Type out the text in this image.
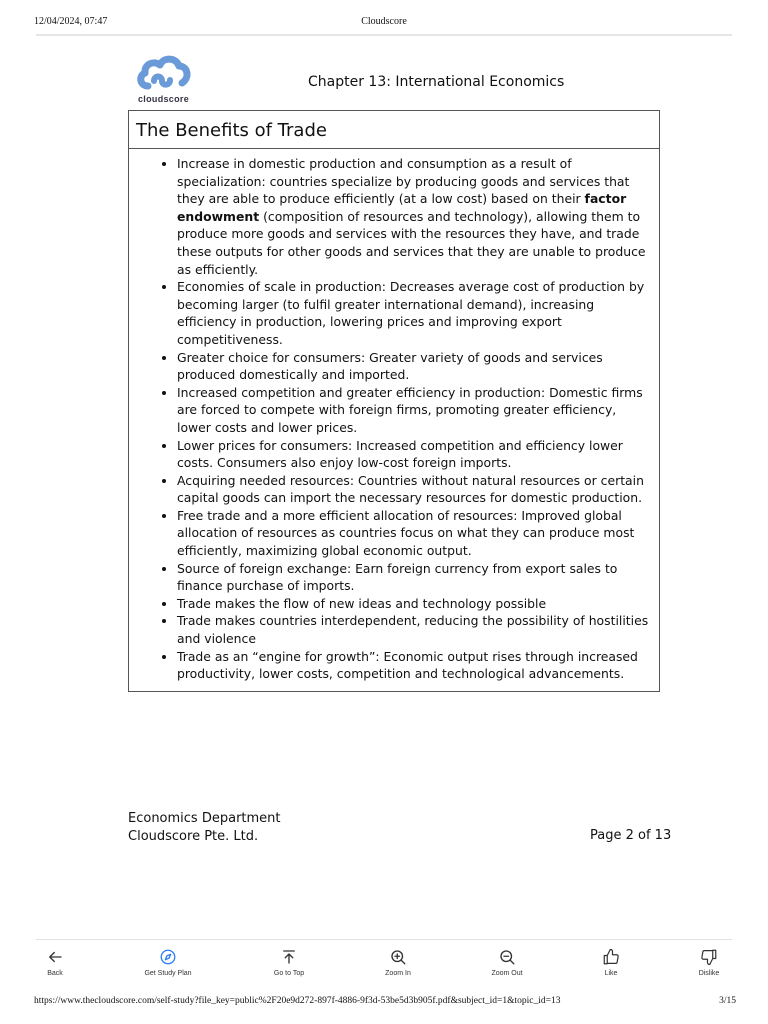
12/04/2024, 07:47	Cloudscore
cloudscore
Chapter 13: International Economics
The Benefits of Trade
• Increase in domestic production and consumption as a result of specialization: countries specialize by producing goods and services that they are able to produce efficiently (at a low cost) based on their factor endowment (composition of resources and technology), allowing them to produce more goods and services with the resources they have, and trade these outputs for other goods and services that they are unable to produce as efficiently.
• Economies of scale in production: Decreases average cost of production by becoming larger (to fulfil greater international demand), increasing efficiency in production, lowering prices and improving export competitiveness.
• Greater choice for consumers: Greater variety of goods and services produced domestically and imported.
• Increased competition and greater efficiency in production: Domestic firms are forced to compete with foreign firms, promoting greater efficiency, lower costs and lower prices.
• Lower prices for consumers: Increased competition and efficiency lower costs. Consumers also enjoy low-cost foreign imports.
• Acquiring needed resources: Countries without natural resources or certain capital goods can import the necessary resources for domestic production.
• Free trade and a more efficient allocation of resources: Improved global allocation of resources as countries focus on what they can produce most efficiently, maximizing global economic output.
• Source of foreign exchange: Earn foreign currency from export sales to finance purchase of imports.
• Trade makes the flow of new ideas and technology possible
• Trade makes countries interdependent, reducing the possibility of hostilities and violence
• Trade as an “engine for growth”: Economic output rises through increased productivity, lower costs, competition and technological advancements.
Economics Department
Cloudscore Pte. Ltd.	Page 2 of 13
Back	Get Study Plan	Go to Top	Zoom In	Zoom Out	Like	Dislike
https://www.thecloudscore.com/self-study?file_key=public%2F20e9d272-897f-4886-9f3d-53be5d3b905f.pdf&subject_id=1&topic_id=13	3/15
